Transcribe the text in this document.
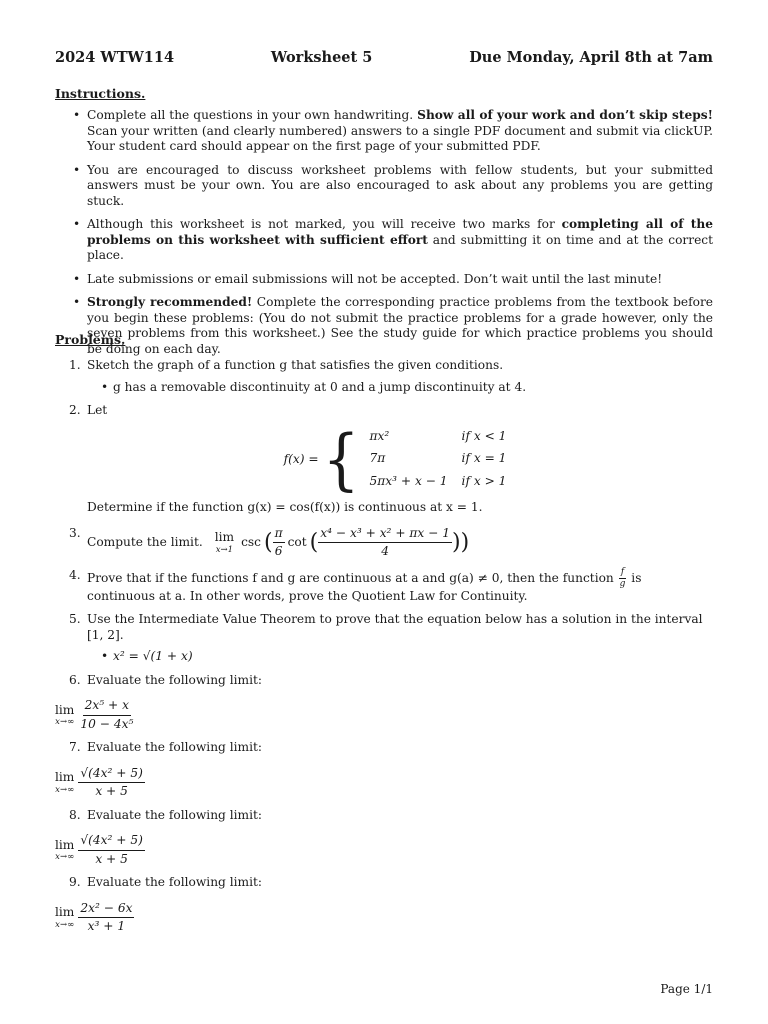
2024 WTW114	Worksheet 5	Due Monday, April 8th at 7am
Instructions.
• Complete all the questions in your own handwriting. Show all of your work and don’t skip steps! Scan your written (and clearly numbered) answers to a single PDF document and submit via clickUP. Your student card should appear on the first page of your submitted PDF.
• You are encouraged to discuss worksheet problems with fellow students, but your submitted answers must be your own. You are also encouraged to ask about any problems you are getting stuck.
• Although this worksheet is not marked, you will receive two marks for completing all of the problems on this worksheet with sufficient effort and submitting it on time and at the correct place.
• Late submissions or email submissions will not be accepted. Don’t wait until the last minute!
• Strongly recommended! Complete the corresponding practice problems from the textbook before you begin these problems: (You do not submit the practice problems for a grade however, only the seven problems from this worksheet.) See the study guide for which practice problems you should be doing on each day.
Problems.
1. Sketch the graph of a function g that satisfies the given conditions.
• g has a removable discontinuity at 0 and a jump discontinuity at 4.
2. Let
f(x) = { πx²	if x < 1
7π	if x = 1
5πx³ + x − 1	if x > 1
Determine if the function g(x) = cos(f(x)) is continuous at x = 1.
3.
Compute the limit. lim
x→1
csc ( $\frac{\pi}{6}$ cot ( $\frac{\text{x⁴ − x³ + x² + πx − 1}}{4}$ ))
4. Prove that if the functions f and g are continuous at a and g(a) ≠ 0, then the function $\frac{f}{g}$ is continuous at a. In other words, prove the Quotient Law for Continuity.
5. Use the Intermediate Value Theorem to prove that the equation below has a solution in the interval [1, 2].
• x² = √(1 + x)
6. Evaluate the following limit:

lim
$x\to\infty \frac{\text{2x⁵ + x}}{\text{10 − 4x⁵}}$
7. Evaluate the following limit:

lim
$x\to\infty \frac{\text{√(4x² + 5)}}{x + 5}$
8. Evaluate the following limit:

lim
$x\to\infty \frac{\text{√(4x² + 5)}}{x + 5}$
9. Evaluate the following limit:

lim
$x\to\infty \frac{\text{2x² − 6x}}{\text{x³ + 1}}$
Page 1/1
